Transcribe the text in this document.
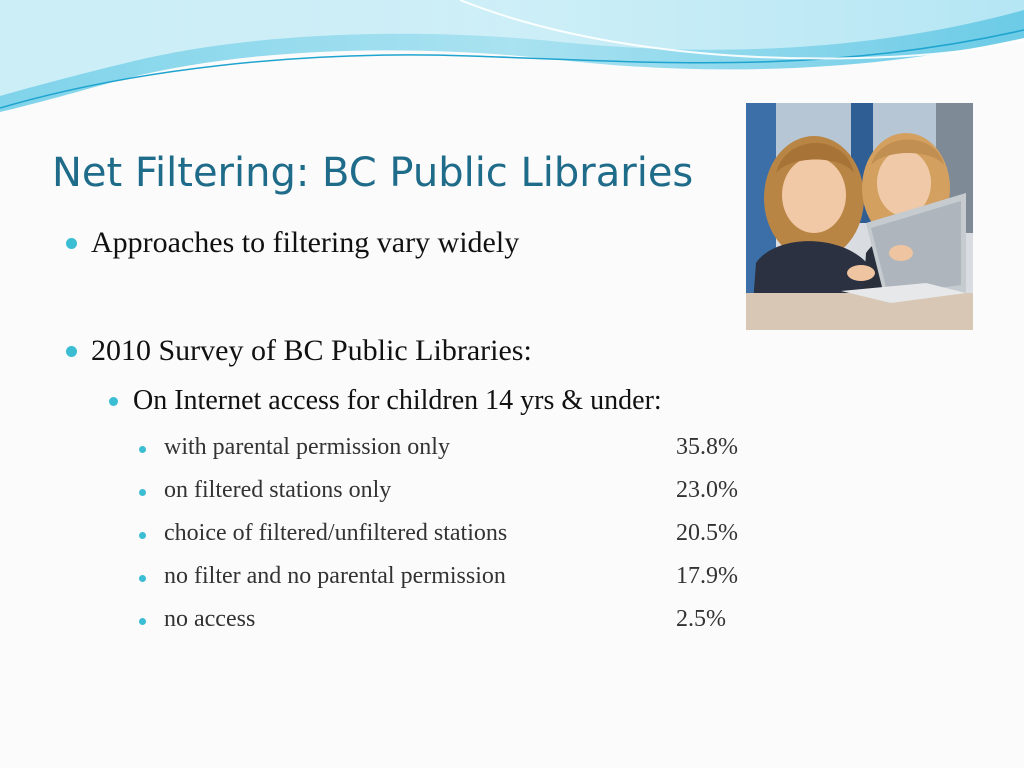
Net Filtering: BC Public Libraries
Approaches to filtering vary widely
2010 Survey of BC Public Libraries:
On Internet access for children 14 yrs & under:
with parental permission only	35.8%
on filtered stations only	23.0%
choice of filtered/unfiltered stations	20.5%
no filter and no parental permission	17.9%
no access	2.5%
